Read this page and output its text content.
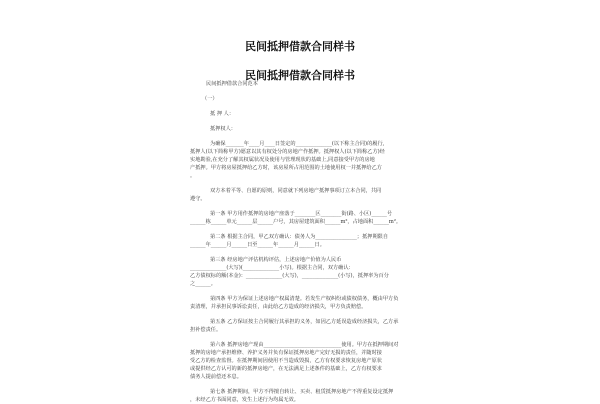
民间抵押借款合同样书
民间抵押借款合同样书

民间抵押借款合同范本

（一）

抵 押 人：

抵押权人：

为确保_______年____月____日签定的______________(以下称主合同)的履行,

抵押人(以下简称甲方)愿意以其有权处分的房地产作抵押。抵押权人(以下简称乙方)经

实地勘验,在充分了解其权属状况及使用与管理现状的基础上,同意接受甲方的房地

产抵押。甲方将房屋抵押给乙方时，该房屋所占用范围的土地使用权一并抵押给乙方

。

双方本着平等、自愿的原则，同意就下列房地产抵押事项订立本合同，共同

遵守。

第一条 甲方用作抵押的房地产座落于________区________街(路、小区)______号

______栋______单元______层______户号，其房屋建筑面积______m²，占地面积______m²。

第二条 根据主合同，甲乙双方确认：债务人为________________；抵押期限自

______年______月______日至______年______月______日。

第三条 经房地产评估机构评估，上述房地产价值为人民币

______________(大写)(______________小写)。根据主合同，双方确认：

乙方债权标的额(本金)：______________(大写)，______________(小写)，抵押率为百分

之______。

第四条 甲方为保证上述房地产权属清楚。若发生产权纠纷或债权债务，概由甲方负

责清理，并承担民事诉讼责任，由此给乙方造成的经济损失，甲方负责赔偿。

第五条 乙方保证按主合同履行其承担的义务，如因乙方延误造成经济损失，乙方承

担补偿责任。

第六条 抵押房地产现由______________________________使用。甲方在抵押期间对

抵押的房地产承担维修、养护义务并负有保证抵押房地产完好无损的责任，并随时接

受乙方的检查监督。在抵押期间因使用不当造成毁损，乙方有权要求恢复房地产原状

或提供经乙方认可的新的抵押房地产，在无法满足上述条件的基础上，乙方有权要求

债务人提前偿还本息。

第七条 抵押期间，甲方不得擅自转让、买卖、租赁抵押房地产不得重复设定抵押

，未经乙方书面同意，发生上述行为均属无效。
